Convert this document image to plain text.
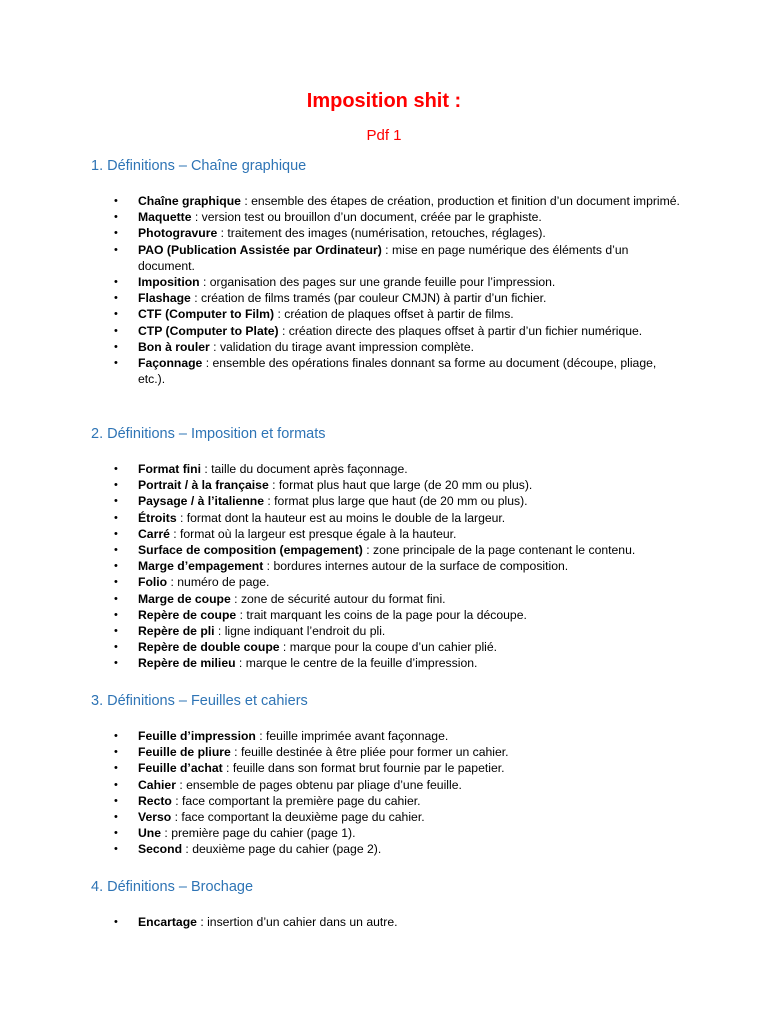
Imposition shit :

Pdf 1

1. Définitions – Chaîne graphique
• Chaîne graphique : ensemble des étapes de création, production et finition d’un document imprimé.
• Maquette : version test ou brouillon d’un document, créée par le graphiste.
• Photogravure : traitement des images (numérisation, retouches, réglages).
• PAO (Publication Assistée par Ordinateur) : mise en page numérique des éléments d’un document.
• Imposition : organisation des pages sur une grande feuille pour l’impression.
• Flashage : création de films tramés (par couleur CMJN) à partir d’un fichier.
• CTF (Computer to Film) : création de plaques offset à partir de films.
• CTP (Computer to Plate) : création directe des plaques offset à partir d’un fichier numérique.
• Bon à rouler : validation du tirage avant impression complète.
• Façonnage : ensemble des opérations finales donnant sa forme au document (découpe, pliage, etc.).
2. Définitions – Imposition et formats
• Format fini : taille du document après façonnage.
• Portrait / à la française : format plus haut que large (de 20 mm ou plus).
• Paysage / à l’italienne : format plus large que haut (de 20 mm ou plus).
• Étroits : format dont la hauteur est au moins le double de la largeur.
• Carré : format où la largeur est presque égale à la hauteur.
• Surface de composition (empagement) : zone principale de la page contenant le contenu.
• Marge d’empagement : bordures internes autour de la surface de composition.
• Folio : numéro de page.
• Marge de coupe : zone de sécurité autour du format fini.
• Repère de coupe : trait marquant les coins de la page pour la découpe.
• Repère de pli : ligne indiquant l’endroit du pli.
• Repère de double coupe : marque pour la coupe d’un cahier plié.
• Repère de milieu : marque le centre de la feuille d’impression.
3. Définitions – Feuilles et cahiers
• Feuille d’impression : feuille imprimée avant façonnage.
• Feuille de pliure : feuille destinée à être pliée pour former un cahier.
• Feuille d’achat : feuille dans son format brut fournie par le papetier.
• Cahier : ensemble de pages obtenu par pliage d’une feuille.
• Recto : face comportant la première page du cahier.
• Verso : face comportant la deuxième page du cahier.
• Une : première page du cahier (page 1).
• Second : deuxième page du cahier (page 2).
4. Définitions – Brochage
• Encartage : insertion d’un cahier dans un autre.
